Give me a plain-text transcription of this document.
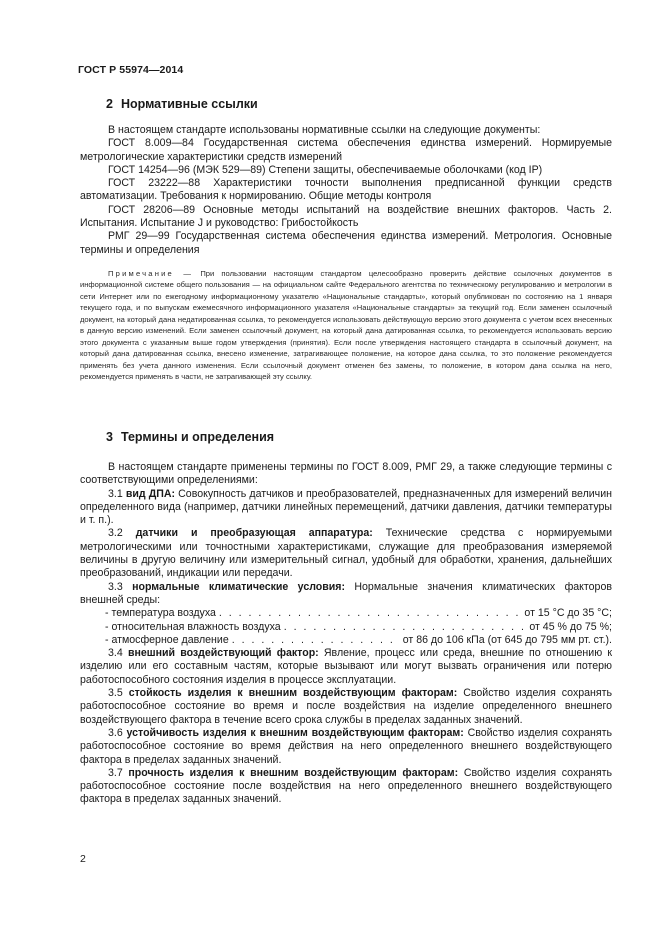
ГОСТ Р 55974—2014
2 Нормативные ссылки

В настоящем стандарте использованы нормативные ссылки на следующие документы:

ГОСТ 8.009—84 Государственная система обеспечения единства измерений. Нормируемые метрологические характеристики средств измерений

ГОСТ 14254—96 (МЭК 529—89) Степени защиты, обеспечиваемые оболочками (код IP)

ГОСТ 23222—88 Характеристики точности выполнения предписанной функции средств автоматизации. Требования к нормированию. Общие методы контроля

ГОСТ 28206—89 Основные методы испытаний на воздействие внешних факторов. Часть 2. Испытания. Испытание J и руководство: Грибостойкость

РМГ 29—99 Государственная система обеспечения единства измерений. Метрология. Основные термины и определения

Примечание — При пользовании настоящим стандартом целесообразно проверить действие ссылочных документов в информационной системе общего пользования — на официальном сайте Федерального агентства по техническому регулированию и метрологии в сети Интернет или по ежегодному информационному указателю «Национальные стандарты», который опубликован по состоянию на 1 января текущего года, и по выпускам ежемесячного информационного указателя «Национальные стандарты» за текущий год. Если заменен ссылочный документ, на который дана недатированная ссылка, то рекомендуется использовать действующую версию этого документа с учетом всех внесенных в данную версию изменений. Если заменен ссылочный документ, на который дана датированная ссылка, то рекомендуется использовать версию этого документа с указанным выше годом утверждения (принятия). Если после утверждения настоящего стандарта в ссылочный документ, на который дана датированная ссылка, внесено изменение, затрагивающее положение, на которое дана ссылка, то это положение рекомендуется применять без учета данного изменения. Если ссылочный документ отменен без замены, то положение, в котором дана ссылка на него, рекомендуется применять в части, не затрагивающей эту ссылку.

3 Термины и определения

В настоящем стандарте применены термины по ГОСТ 8.009, РМГ 29, а также следующие термины с соответствующими определениями:

3.1 вид ДПА: Совокупность датчиков и преобразователей, предназначенных для измерений величин определенного вида (например, датчики линейных перемещений, датчики давления, датчики температуры и т. п.).

3.2 датчики и преобразующая аппаратура: Технические средства с нормируемыми метрологическими или точностными характеристиками, служащие для преобразования измеряемой величины в другую величину или измерительный сигнал, удобный для обработки, хранения, дальнейших преобразований, индикации или передачи.

3.3 нормальные климатические условия: Нормальные значения климатических факторов внешней среды:

- температура воздуха . . .	от 15 °С до 35 °С;
- относительная влажность воздуха . . .	от 45 % до 75 %;
- атмосферное давление . . .	от 86 до 106 кПа (от 645 до 795 мм рт. ст.).

3.4 внешний воздействующий фактор: Явление, процесс или среда, внешние по отношению к изделию или его составным частям, которые вызывают или могут вызвать ограничения или потерю работоспособного состояния изделия в процессе эксплуатации.

3.5 стойкость изделия к внешним воздействующим факторам: Свойство изделия сохранять работоспособное состояние во время и после воздействия на изделие определенного внешнего воздействующего фактора в течение всего срока службы в пределах заданных значений.

3.6 устойчивость изделия к внешним воздействующим факторам: Свойство изделия сохранять работоспособное состояние во время действия на него определенного внешнего воздействующего фактора в пределах заданных значений.

3.7 прочность изделия к внешним воздействующим факторам: Свойство изделия сохранять работоспособное состояние после воздействия на него определенного внешнего воздействующего фактора в пределах заданных значений.

2
